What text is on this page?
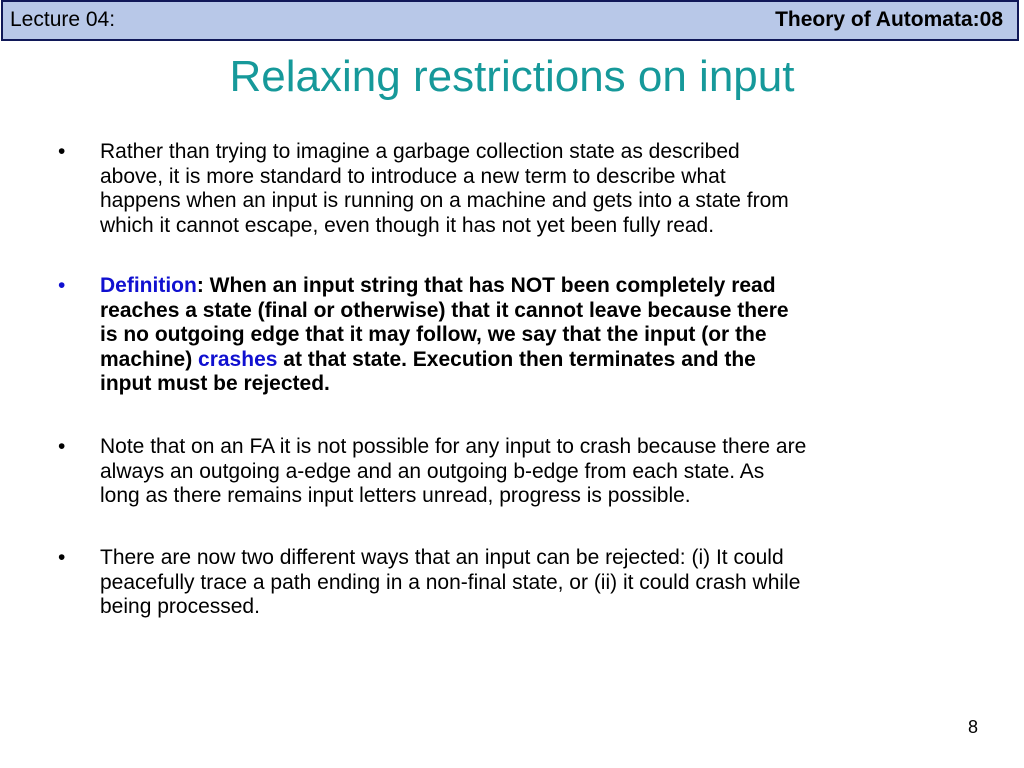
Lecture 04:	Theory of Automata:08
Relaxing restrictions on input
• Rather than trying to imagine a garbage collection state as described
above, it is more standard to introduce a new term to describe what
happens when an input is running on a machine and gets into a state from
which it cannot escape, even though it has not yet been fully read.
• Definition: When an input string that has NOT been completely read
reaches a state (final or otherwise) that it cannot leave because there
is no outgoing edge that it may follow, we say that the input (or the
machine) crashes at that state. Execution then terminates and the
input must be rejected.
• Note that on an FA it is not possible for any input to crash because there are
always an outgoing a-edge and an outgoing b-edge from each state. As
long as there remains input letters unread, progress is possible.
• There are now two different ways that an input can be rejected: (i) It could
peacefully trace a path ending in a non-final state, or (ii) it could crash while
being processed.
8
